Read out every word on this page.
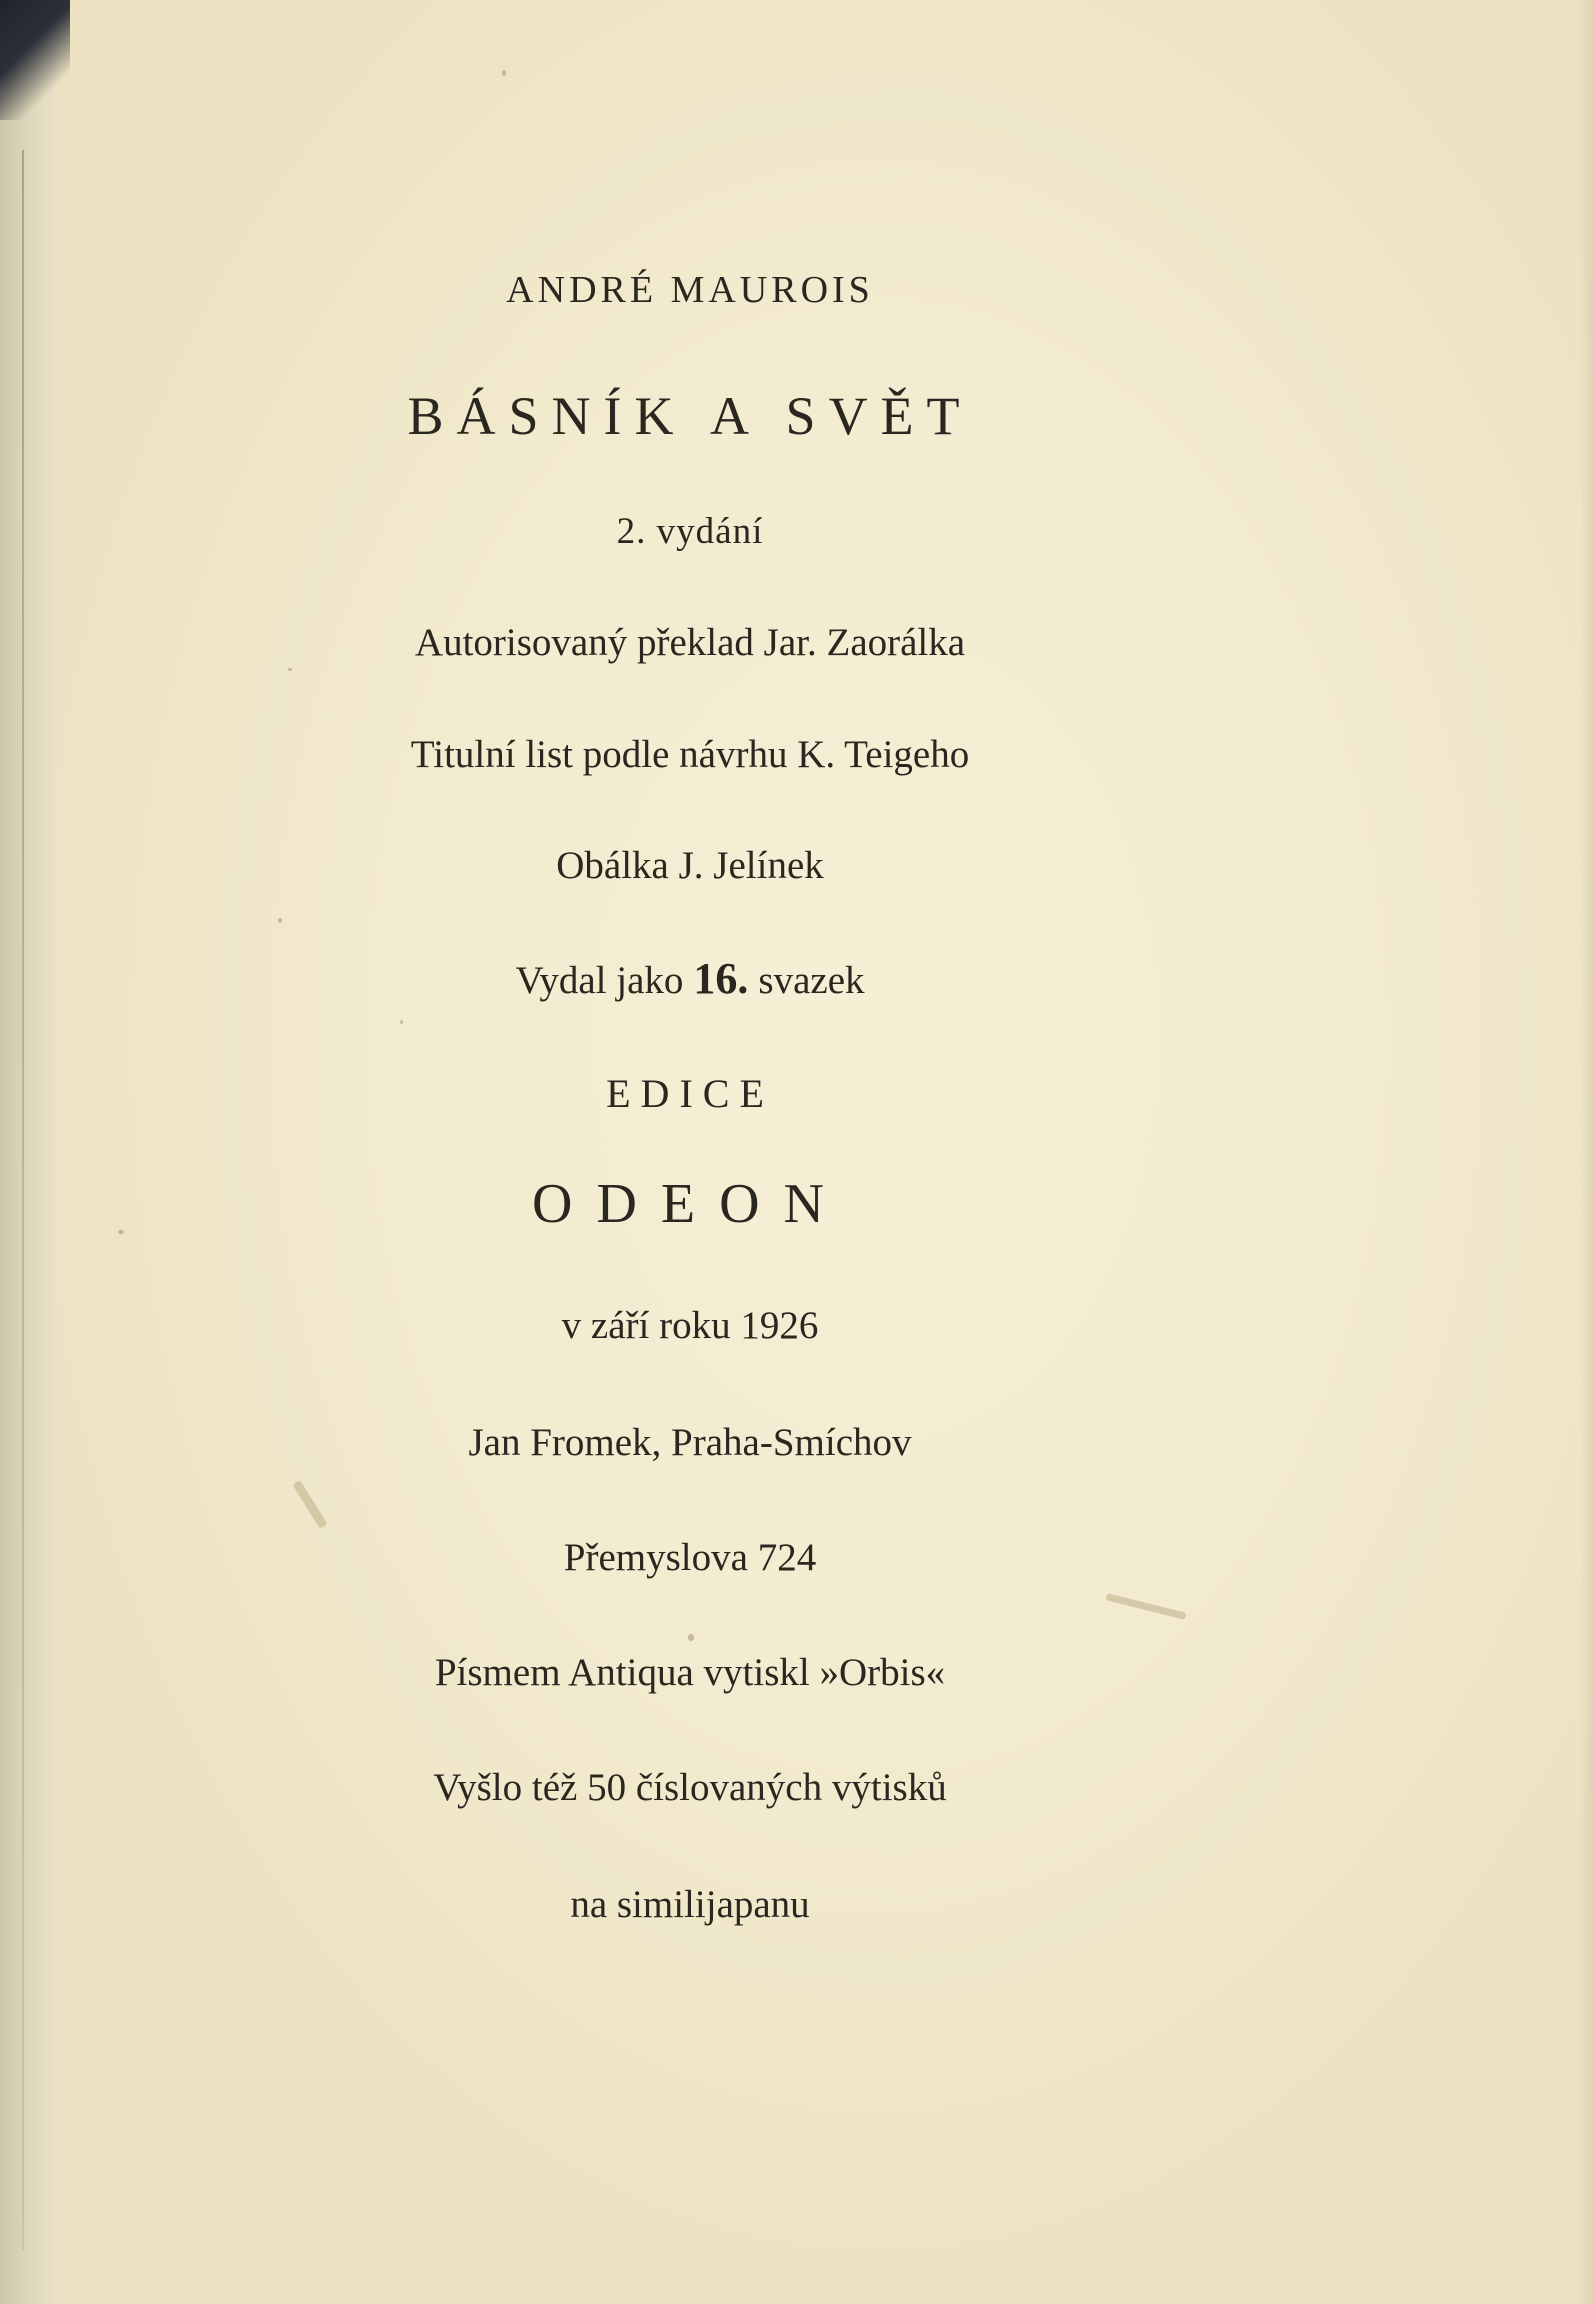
ANDRÉ MAUROIS
BÁSNÍK A SVĚT

2. vydání

Autorisovaný překlad Jar. Zaorálka

Titulní list podle návrhu K. Teigeho

Obálka J. Jelínek

Vydal jako 16. svazek

EDICE

ODEON

v září roku 1926

Jan Fromek, Praha-Smíchov

Přemyslova 724

Písmem Antiqua vytiskl »Orbis«

Vyšlo též 50 číslovaných výtisků

na similijapanu
